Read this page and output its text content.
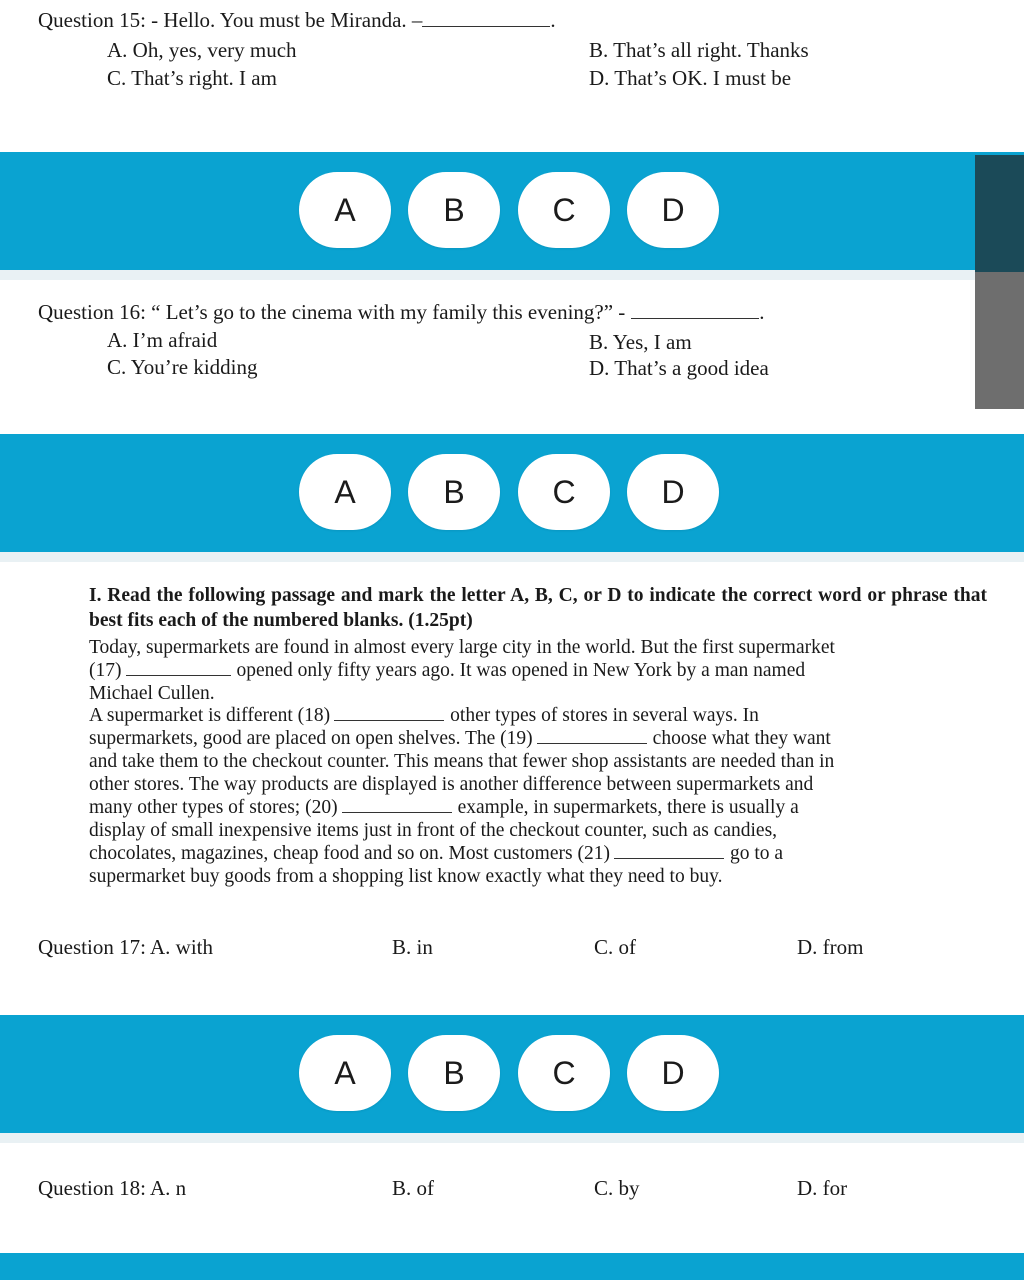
Question 15: - Hello. You must be Miranda. –	.
A. Oh, yes, very much	B. That’s all right. Thanks
C. That’s right. I am	D. That’s OK. I must be
A	B	C	D
Question 16: “ Let’s go to the cinema with my family this evening?” -	.
A. I’m afraid	B. Yes, I am
C. You’re kidding	D. That’s a good idea
A	B	C	D
I. Read the following passage and mark the letter A, B, C, or D to indicate the correct word or phrase that best fits each of the numbered blanks. (1.25pt)
Today, supermarkets are found in almost every large city in the world. But the first supermarket
(17)	opened only fifty years ago. It was opened in New York by a man named
Michael Cullen.
A supermarket is different (18)	other types of stores in several ways. In
supermarkets, good are placed on open shelves. The (19)	choose what they want
and take them to the checkout counter. This means that fewer shop assistants are needed than in
other stores. The way products are displayed is another difference between supermarkets and
many other types of stores; (20)	example, in supermarkets, there is usually a
display of small inexpensive items just in front of the checkout counter, such as candies,
chocolates, magazines, cheap food and so on. Most customers (21)	go to a
supermarket buy goods from a shopping list know exactly what they need to buy.
Question 17: A. with	B. in	C. of	D. from
A	B	C	D
Question 18: A. n	B. of	C. by	D. for
